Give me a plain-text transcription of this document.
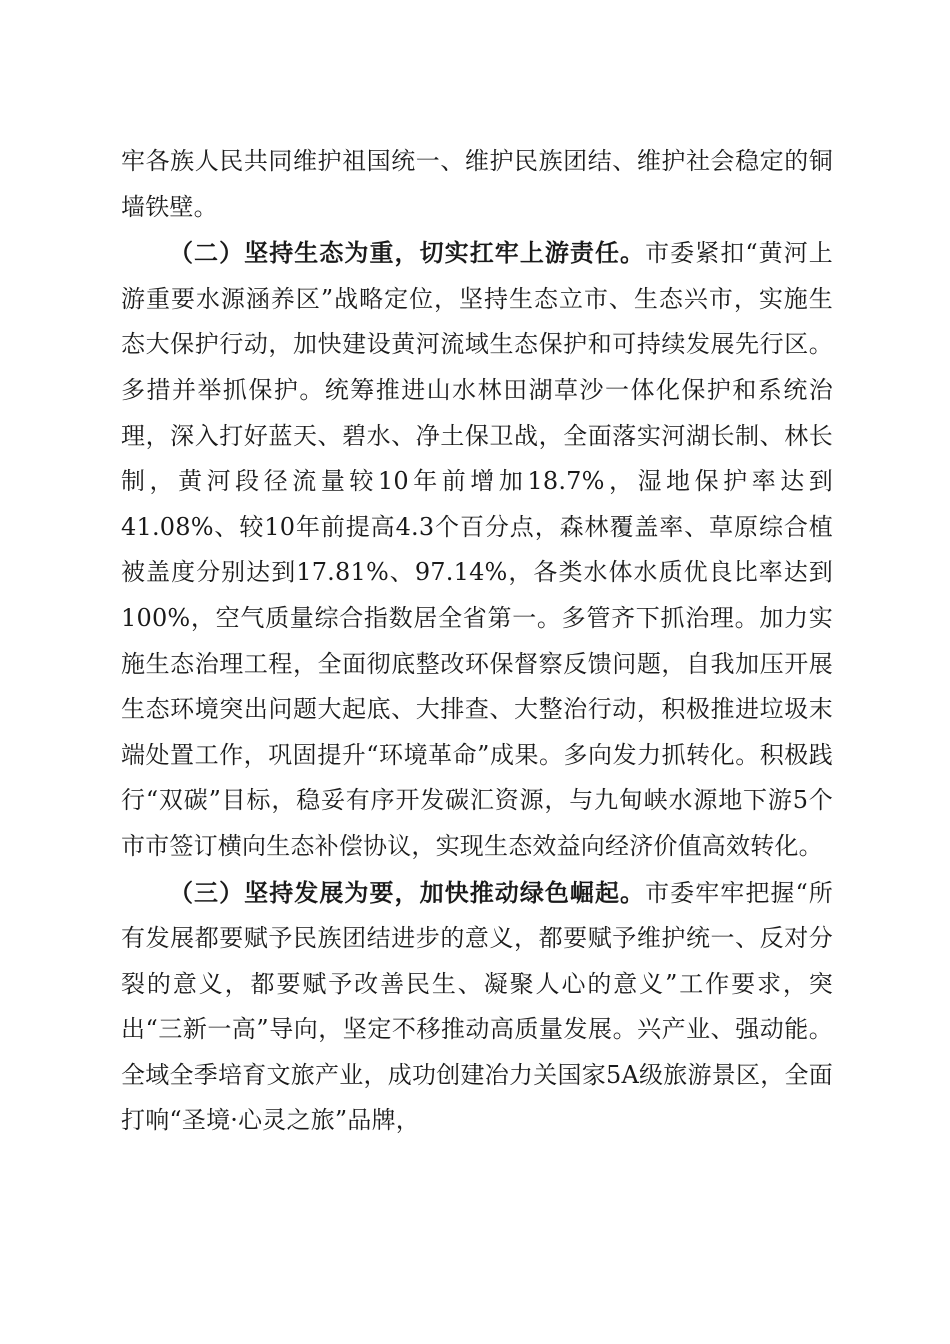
牢各族人民共同维护祖国统一、维护民族团结、维护社会稳定的铜墙铁壁。

（二）坚持生态为重，切实扛牢上游责任。市委紧扣“黄河上游重要水源涵养区”战略定位，坚持生态立市、生态兴市，实施生态大保护行动，加快建设黄河流域生态保护和可持续发展先行区。多措并举抓保护。统筹推进山水林田湖草沙一体化保护和系统治理，深入打好蓝天、碧水、净土保卫战，全面落实河湖长制、林长制，黄河段径流量较10年前增加18.7%，湿地保护率达到41.08%、较10年前提高4.3个百分点，森林覆盖率、草原综合植被盖度分别达到17.81%、97.14%，各类水体水质优良比率达到100%，空气质量综合指数居全省第一。多管齐下抓治理。加力实施生态治理工程，全面彻底整改环保督察反馈问题，自我加压开展生态环境突出问题大起底、大排查、大整治行动，积极推进垃圾末端处置工作，巩固提升“环境革命”成果。多向发力抓转化。积极践行“双碳”目标，稳妥有序开发碳汇资源，与九甸峡水源地下游5个市市签订横向生态补偿协议，实现生态效益向经济价值高效转化。

（三）坚持发展为要，加快推动绿色崛起。市委牢牢把握“所有发展都要赋予民族团结进步的意义，都要赋予维护统一、反对分裂的意义，都要赋予改善民生、凝聚人心的意义”工作要求，突出“三新一高”导向，坚定不移推动高质量发展。兴产业、强动能。全域全季培育文旅产业，成功创建冶力关国家5A级旅游景区，全面打响“圣境·心灵之旅”品牌，
